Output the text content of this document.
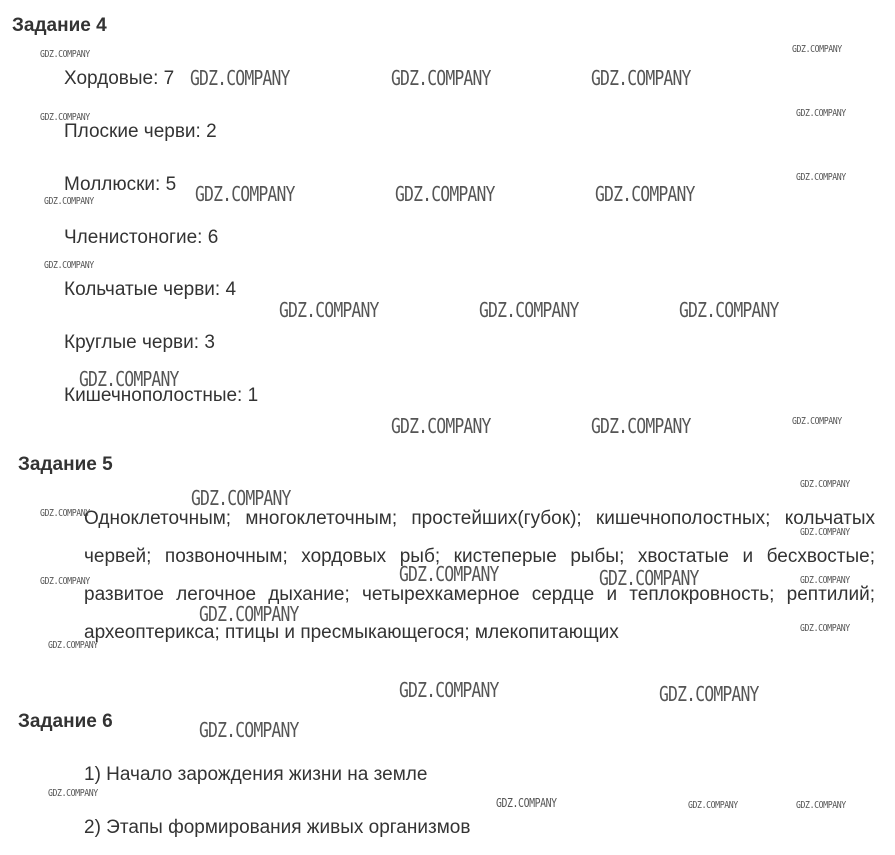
Задание 4
Хордовые: 7
Плоские черви: 2
Моллюски: 5
Членистоногие: 6
Кольчатые черви: 4
Круглые черви: 3
Кишечнополостные: 1
Задание 5
Одноклеточным; многоклеточным; простейших(губок); кишечнополостных; кольчатых червей; позвоночным; хордовых рыб; кистеперые рыбы; хвостатые и бесхвостые; развитое легочное дыхание; четырехкамерное сердце и теплокровность; рептилий; археоптерикса; птицы и пресмыкающегося; млекопитающих
Задание 6
1) Начало зарождения жизни на земле
2) Этапы формирования живых организмов
GDZ.COMPANY
GDZ.COMPANY	GDZ.COMPANY	GDZ.COMPANY
GDZ.COMPANY
GDZ.COMPANY	GDZ.COMPANY
GDZ.COMPANY	GDZ.COMPANY	GDZ.COMPANY
GDZ.COMPANY
GDZ.COMPANY
GDZ.COMPANY
GDZ.COMPANY	GDZ.COMPANY	GDZ.COMPANY
GDZ.COMPANY
GDZ.COMPANY	GDZ.COMPANY	GDZ.COMPANY
GDZ.COMPANY
GDZ.COMPANY
GDZ.COMPANY
GDZ.COMPANY
GDZ.COMPANY	GDZ.COMPANY
GDZ.COMPANY	GDZ.COMPANY
GDZ.COMPANY
GDZ.COMPANY
GDZ.COMPANY
GDZ.COMPANY	GDZ.COMPANY
GDZ.COMPANY
GDZ.COMPANY
GDZ.COMPANY	GDZ.COMPANY	GDZ.COMPANY
